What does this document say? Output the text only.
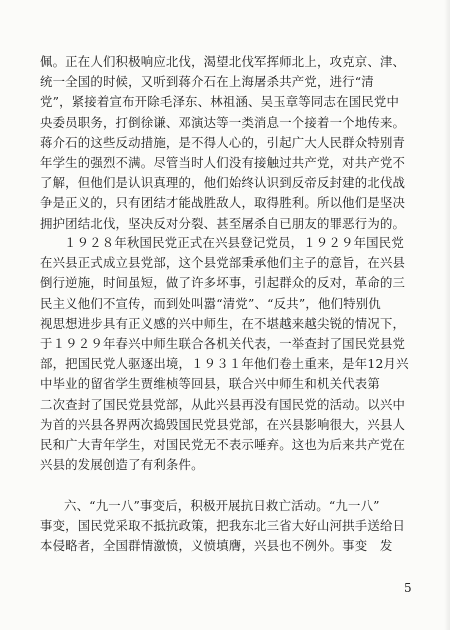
佩。正在人们积极响应北伐，渴望北伐军挥师北上，攻克京、津、
统一全国的时候，又听到蒋介石在上海屠杀共产党，进行“清
党”，紧接着宣布开除毛泽东、林祖涵、吴玉章等同志在国民党中
央委员职务，打倒徐谦、邓演达等一类消息一个接着一个地传来。
蒋介石的这些反动措施，是不得人心的，引起广大人民群众特别青
年学生的强烈不满。尽管当时人们没有接触过共产党，对共产党不
了解，但他们是认识真理的，他们始终认识到反帝反封建的北伐战
争是正义的，只有团结才能战胜敌人，取得胜利。所以他们是坚决
拥护团结北伐，坚决反对分裂、甚至屠杀自已朋友的罪恶行为的。
１９２８年秋国民党正式在兴县登记党员，１９２９年国民党
在兴县正式成立县党部，这个县党部秉承他们主子的意旨，在兴县
倒行逆施，时间虽短，做了许多坏事，引起群众的反对，革命的三
民主义他们不宣传，而到处叫嚣“清党”、“反共”，他们特别仇
视思想进步具有正义感的兴中师生，在不堪越来越尖锐的情况下，
于１９２９年春兴中师生联合各机关代表，一举查封了国民党县党
部，把国民党人驱逐出境，１９３１年他们卷土重来，是年12月兴
中毕业的留省学生贾维桢等回县，联合兴中师生和机关代表第
二次查封了国民党县党部，从此兴县再没有国民党的活动。以兴中
为首的兴县各界两次捣毁国民党县党部，在兴县影响很大，兴县人
民和广大青年学生，对国民党无不表示唾弃。这也为后来共产党在
兴县的发展创造了有利条件。
六、“九一八”事变后，积极开展抗日救亡活动。“九一八”
事变，国民党采取不抵抗政策，把我东北三省大好山河拱手送给日
本侵略者，全国群情激愤，义愤填膺，兴县也不例外。事变　发
5
